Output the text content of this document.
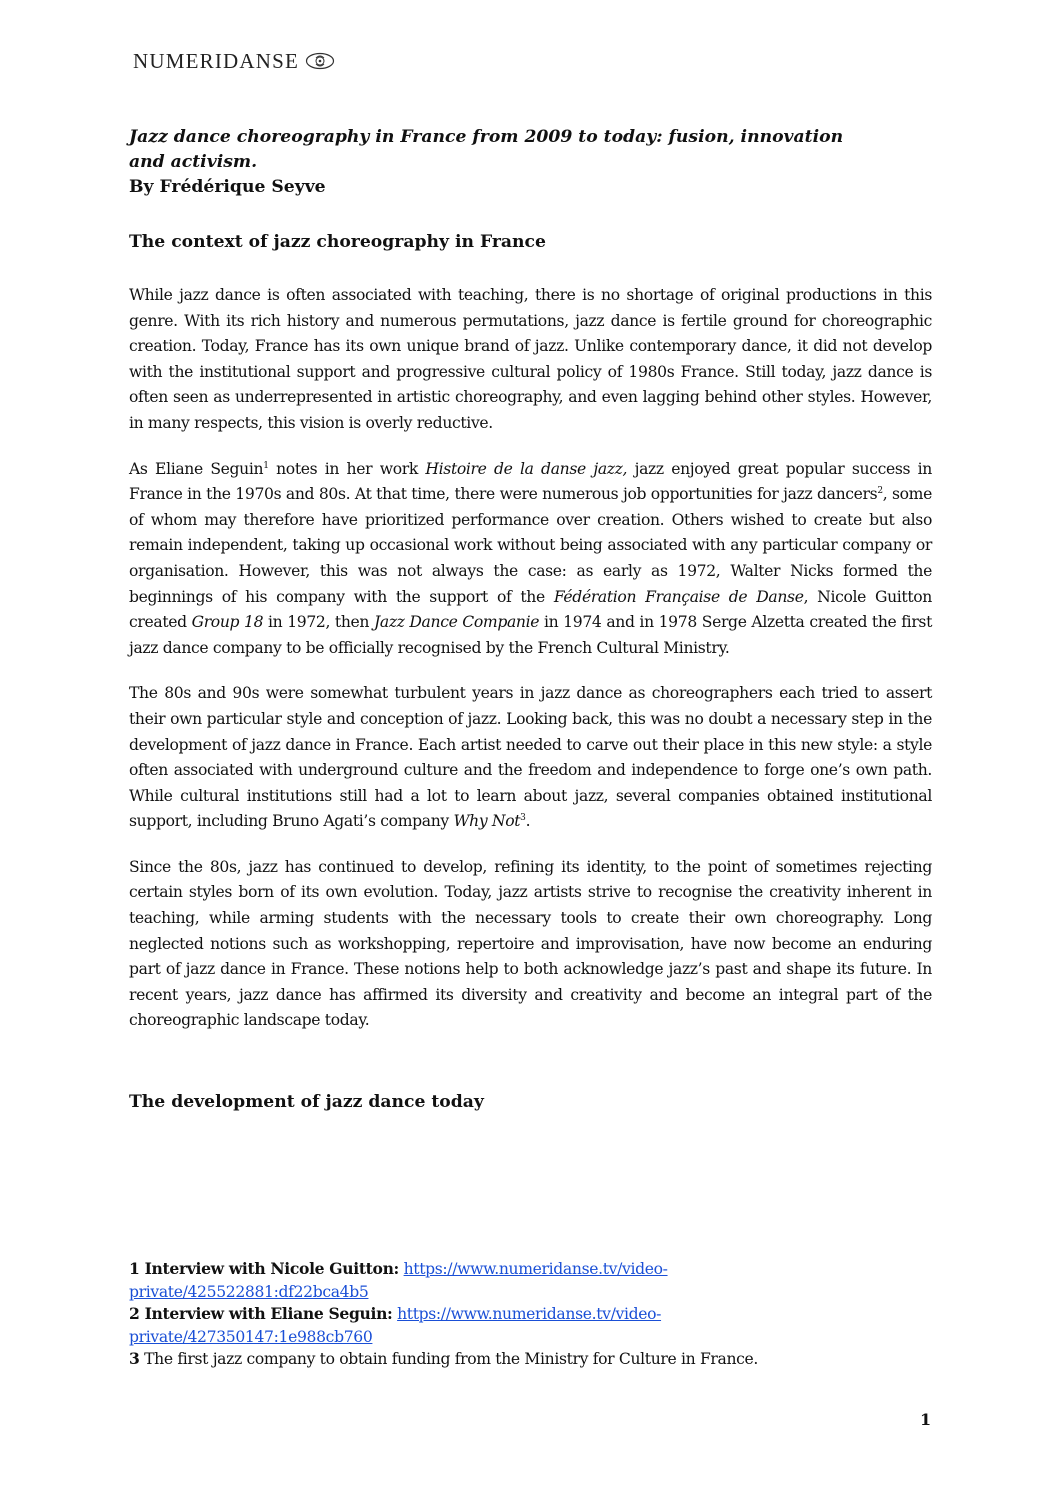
NUMERIDANSE

Jazz dance choreography in France from 2009 to today: fusion, innovation
and activism.

By Frédérique Seyve

The context of jazz choreography in France

While jazz dance is often associated with teaching, there is no shortage of original productions in this genre. With its rich history and numerous permutations, jazz dance is fertile ground for choreographic creation. Today, France has its own unique brand of jazz. Unlike contemporary dance, it did not develop with the institutional support and progressive cultural policy of 1980s France. Still today, jazz dance is often seen as underrepresented in artistic choreography, and even lagging behind other styles. However, in many respects, this vision is overly reductive.

As Eliane Seguin$^1$ notes in her work Histoire de la danse jazz, jazz enjoyed great popular success in France in the 1970s and 80s. At that time, there were numerous job opportunities for jazz dancers$^2$, some of whom may therefore have prioritized performance over creation. Others wished to create but also remain independent, taking up occasional work without being associated with any particular company or organisation. However, this was not always the case: as early as 1972, Walter Nicks formed the beginnings of his company with the support of the Fédération Française de Danse, Nicole Guitton created Group 18 in 1972, then Jazz Dance Companie in 1974 and in 1978 Serge Alzetta created the first jazz dance company to be officially recognised by the French Cultural Ministry.

The 80s and 90s were somewhat turbulent years in jazz dance as choreographers each tried to assert their own particular style and conception of jazz. Looking back, this was no doubt a necessary step in the development of jazz dance in France. Each artist needed to carve out their place in this new style: a style often associated with underground culture and the freedom and independence to forge one’s own path. While cultural institutions still had a lot to learn about jazz, several companies obtained institutional support, including Bruno Agati’s company Why Not$^3$.

Since the 80s, jazz has continued to develop, refining its identity, to the point of sometimes rejecting certain styles born of its own evolution. Today, jazz artists strive to recognise the creativity inherent in teaching, while arming students with the necessary tools to create their own choreography. Long neglected notions such as workshopping, repertoire and improvisation, have now become an enduring part of jazz dance in France. These notions help to both acknowledge jazz’s past and shape its future. In recent years, jazz dance has affirmed its diversity and creativity and become an integral part of the choreographic landscape today.

The development of jazz dance today

1 Interview with Nicole Guitton: https://www.numeridanse.tv/video-
private/425522881:df22bca4b5

2 Interview with Eliane Seguin: https://www.numeridanse.tv/video-
private/427350147:1e988cb760

3 The first jazz company to obtain funding from the Ministry for Culture in France.

1
